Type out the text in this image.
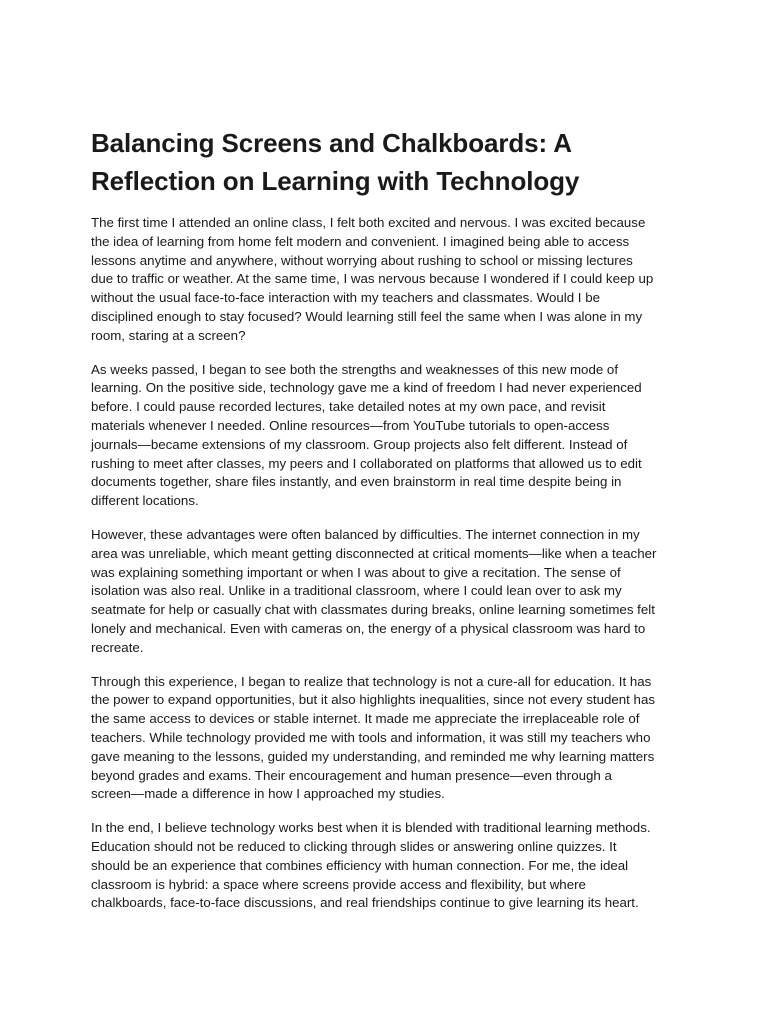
Balancing Screens and Chalkboards: A
Reflection on Learning with Technology

The first time I attended an online class, I felt both excited and nervous. I was excited because
the idea of learning from home felt modern and convenient. I imagined being able to access
lessons anytime and anywhere, without worrying about rushing to school or missing lectures
due to traffic or weather. At the same time, I was nervous because I wondered if I could keep up
without the usual face-to-face interaction with my teachers and classmates. Would I be
disciplined enough to stay focused? Would learning still feel the same when I was alone in my
room, staring at a screen?

As weeks passed, I began to see both the strengths and weaknesses of this new mode of
learning. On the positive side, technology gave me a kind of freedom I had never experienced
before. I could pause recorded lectures, take detailed notes at my own pace, and revisit
materials whenever I needed. Online resources—from YouTube tutorials to open-access
journals—became extensions of my classroom. Group projects also felt different. Instead of
rushing to meet after classes, my peers and I collaborated on platforms that allowed us to edit
documents together, share files instantly, and even brainstorm in real time despite being in
different locations.

However, these advantages were often balanced by difficulties. The internet connection in my
area was unreliable, which meant getting disconnected at critical moments—like when a teacher
was explaining something important or when I was about to give a recitation. The sense of
isolation was also real. Unlike in a traditional classroom, where I could lean over to ask my
seatmate for help or casually chat with classmates during breaks, online learning sometimes felt
lonely and mechanical. Even with cameras on, the energy of a physical classroom was hard to
recreate.

Through this experience, I began to realize that technology is not a cure-all for education. It has
the power to expand opportunities, but it also highlights inequalities, since not every student has
the same access to devices or stable internet. It made me appreciate the irreplaceable role of
teachers. While technology provided me with tools and information, it was still my teachers who
gave meaning to the lessons, guided my understanding, and reminded me why learning matters
beyond grades and exams. Their encouragement and human presence—even through a
screen—made a difference in how I approached my studies.

In the end, I believe technology works best when it is blended with traditional learning methods.
Education should not be reduced to clicking through slides or answering online quizzes. It
should be an experience that combines efficiency with human connection. For me, the ideal
classroom is hybrid: a space where screens provide access and flexibility, but where
chalkboards, face-to-face discussions, and real friendships continue to give learning its heart.
